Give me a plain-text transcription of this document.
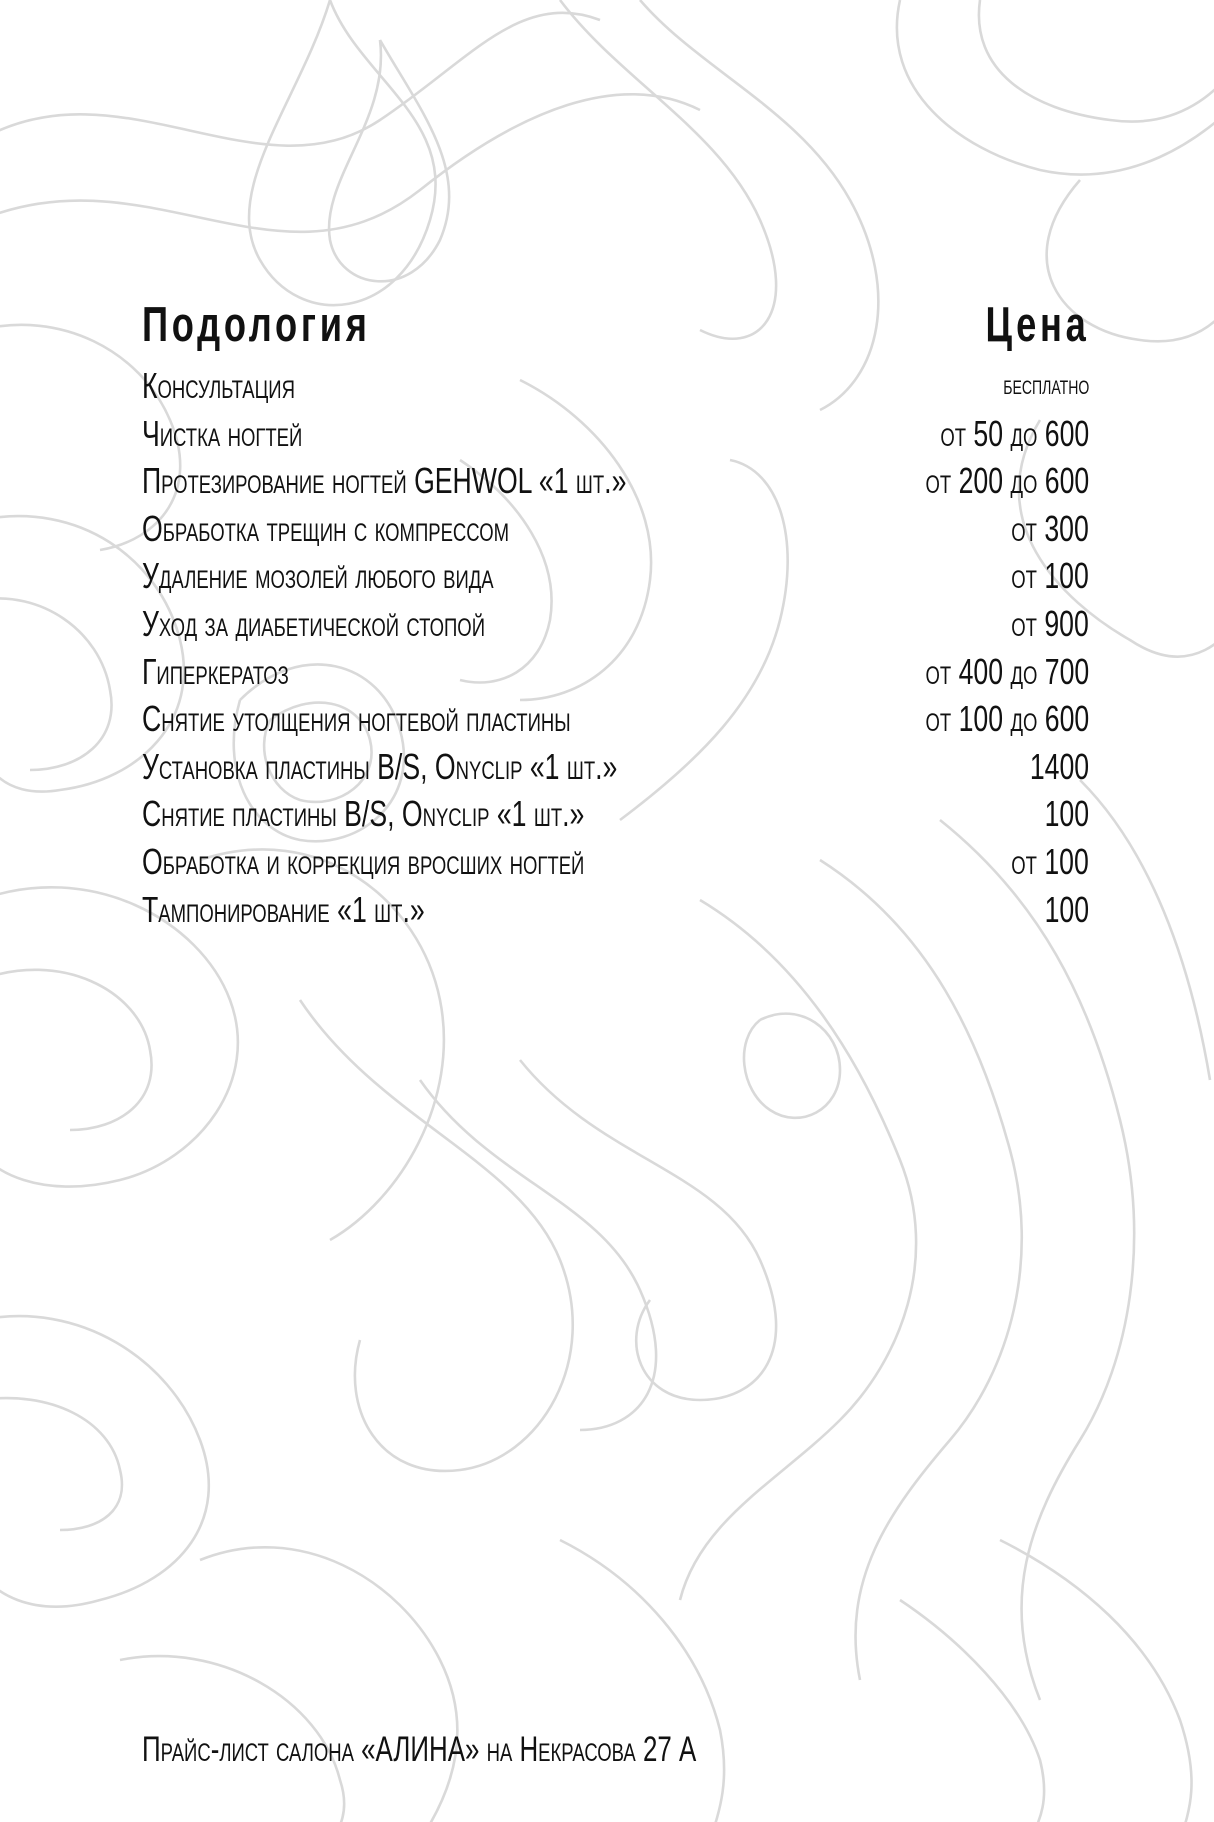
Подология	Цена
Консультация	бесплатно
Чистка ногтей	от 50 до 600
Протезирование ногтей GEHWOL «1 шт.»	от 200 до 600
Обработка трещин с компрессом	от 300
Удаление мозолей любого вида	от 100
Уход за диабетической стопой	от 900
Гиперкератоз	от 400 до 700
Снятие утолщения ногтевой пластины	от 100 до 600
Установка пластины B/S, Onyclip «1 шт.»	1400
Снятие пластины B/S, Onyclip «1 шт.»	100
Обработка и коррекция вросших ногтей	от 100
Тампонирование «1 шт.»	100
Прайс-лист салона «АЛИНА» на Некрасова 27 А
